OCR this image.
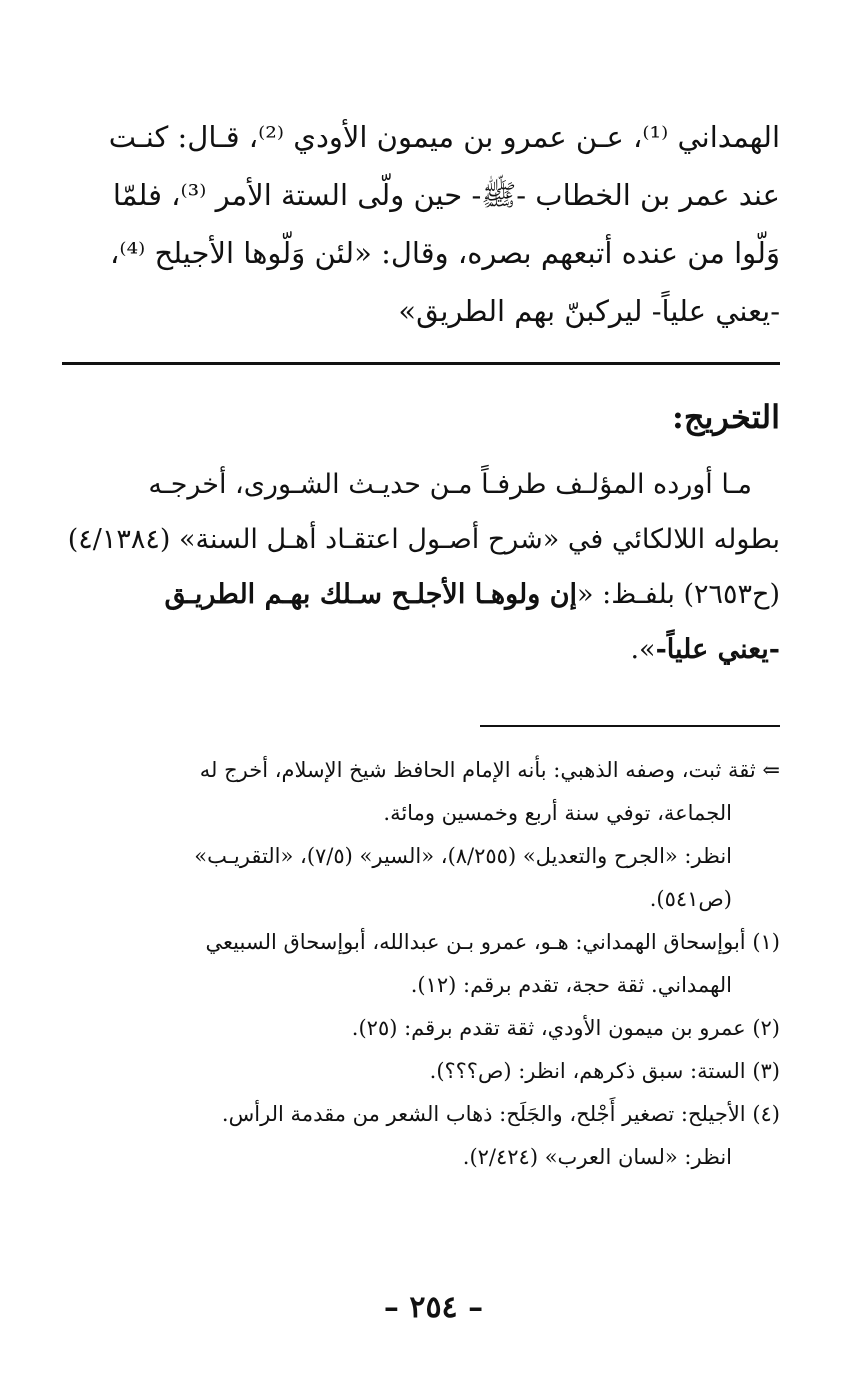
الهمداني ⁽¹⁾، عـن عمرو بن ميمون الأودي ⁽²⁾، قـال: كنـت
عند عمر بن الخطاب -ﷺ- حين ولّى الستة الأمر ⁽³⁾، فلمّا
وَلّوا من عنده أتبعهم بصره، وقال: «لئن وَلّوها الأجيلح ⁽⁴⁾،
-يعني علياً- ليركبنّ بهم الطريق»
التخريج:
مـا أورده المؤلـف طرفـاً مـن حديـث الشـورى، أخرجـه
بطوله اللالكائي في «شرح أصـول اعتقـاد أهـل السنة» (٤/١٣٨٤)
(ح٢٦٥٣) بلفـظ: «إن ولوهـا الأجلـح سـلك بهـم الطريـق
-يعني علياً-».
⇐ ثقة ثبت، وصفه الذهبي: بأنه الإمام الحافظ شيخ الإسلام، أخرج له
الجماعة، توفي سنة أربع وخمسين ومائة.
انظر: «الجرح والتعديل» (٨/٢٥٥)، «السير» (٧/٥)، «التقريـب»
(ص٥٤١).
(١) أبوإسحاق الهمداني: هـو، عمرو بـن عبدالله، أبوإسحاق السبيعي
الهمداني. ثقة حجة، تقدم برقم: (١٢).
(٢) عمرو بن ميمون الأودي، ثقة تقدم برقم: (٢٥).
(٣) الستة: سبق ذكرهم، انظر: (ص؟؟؟).
(٤) الأجيلح: تصغير أَجْلح، والجَلَح: ذهاب الشعر من مقدمة الرأس.
انظر: «لسان العرب» (٢/٤٢٤).
– ٢٥٤ –
